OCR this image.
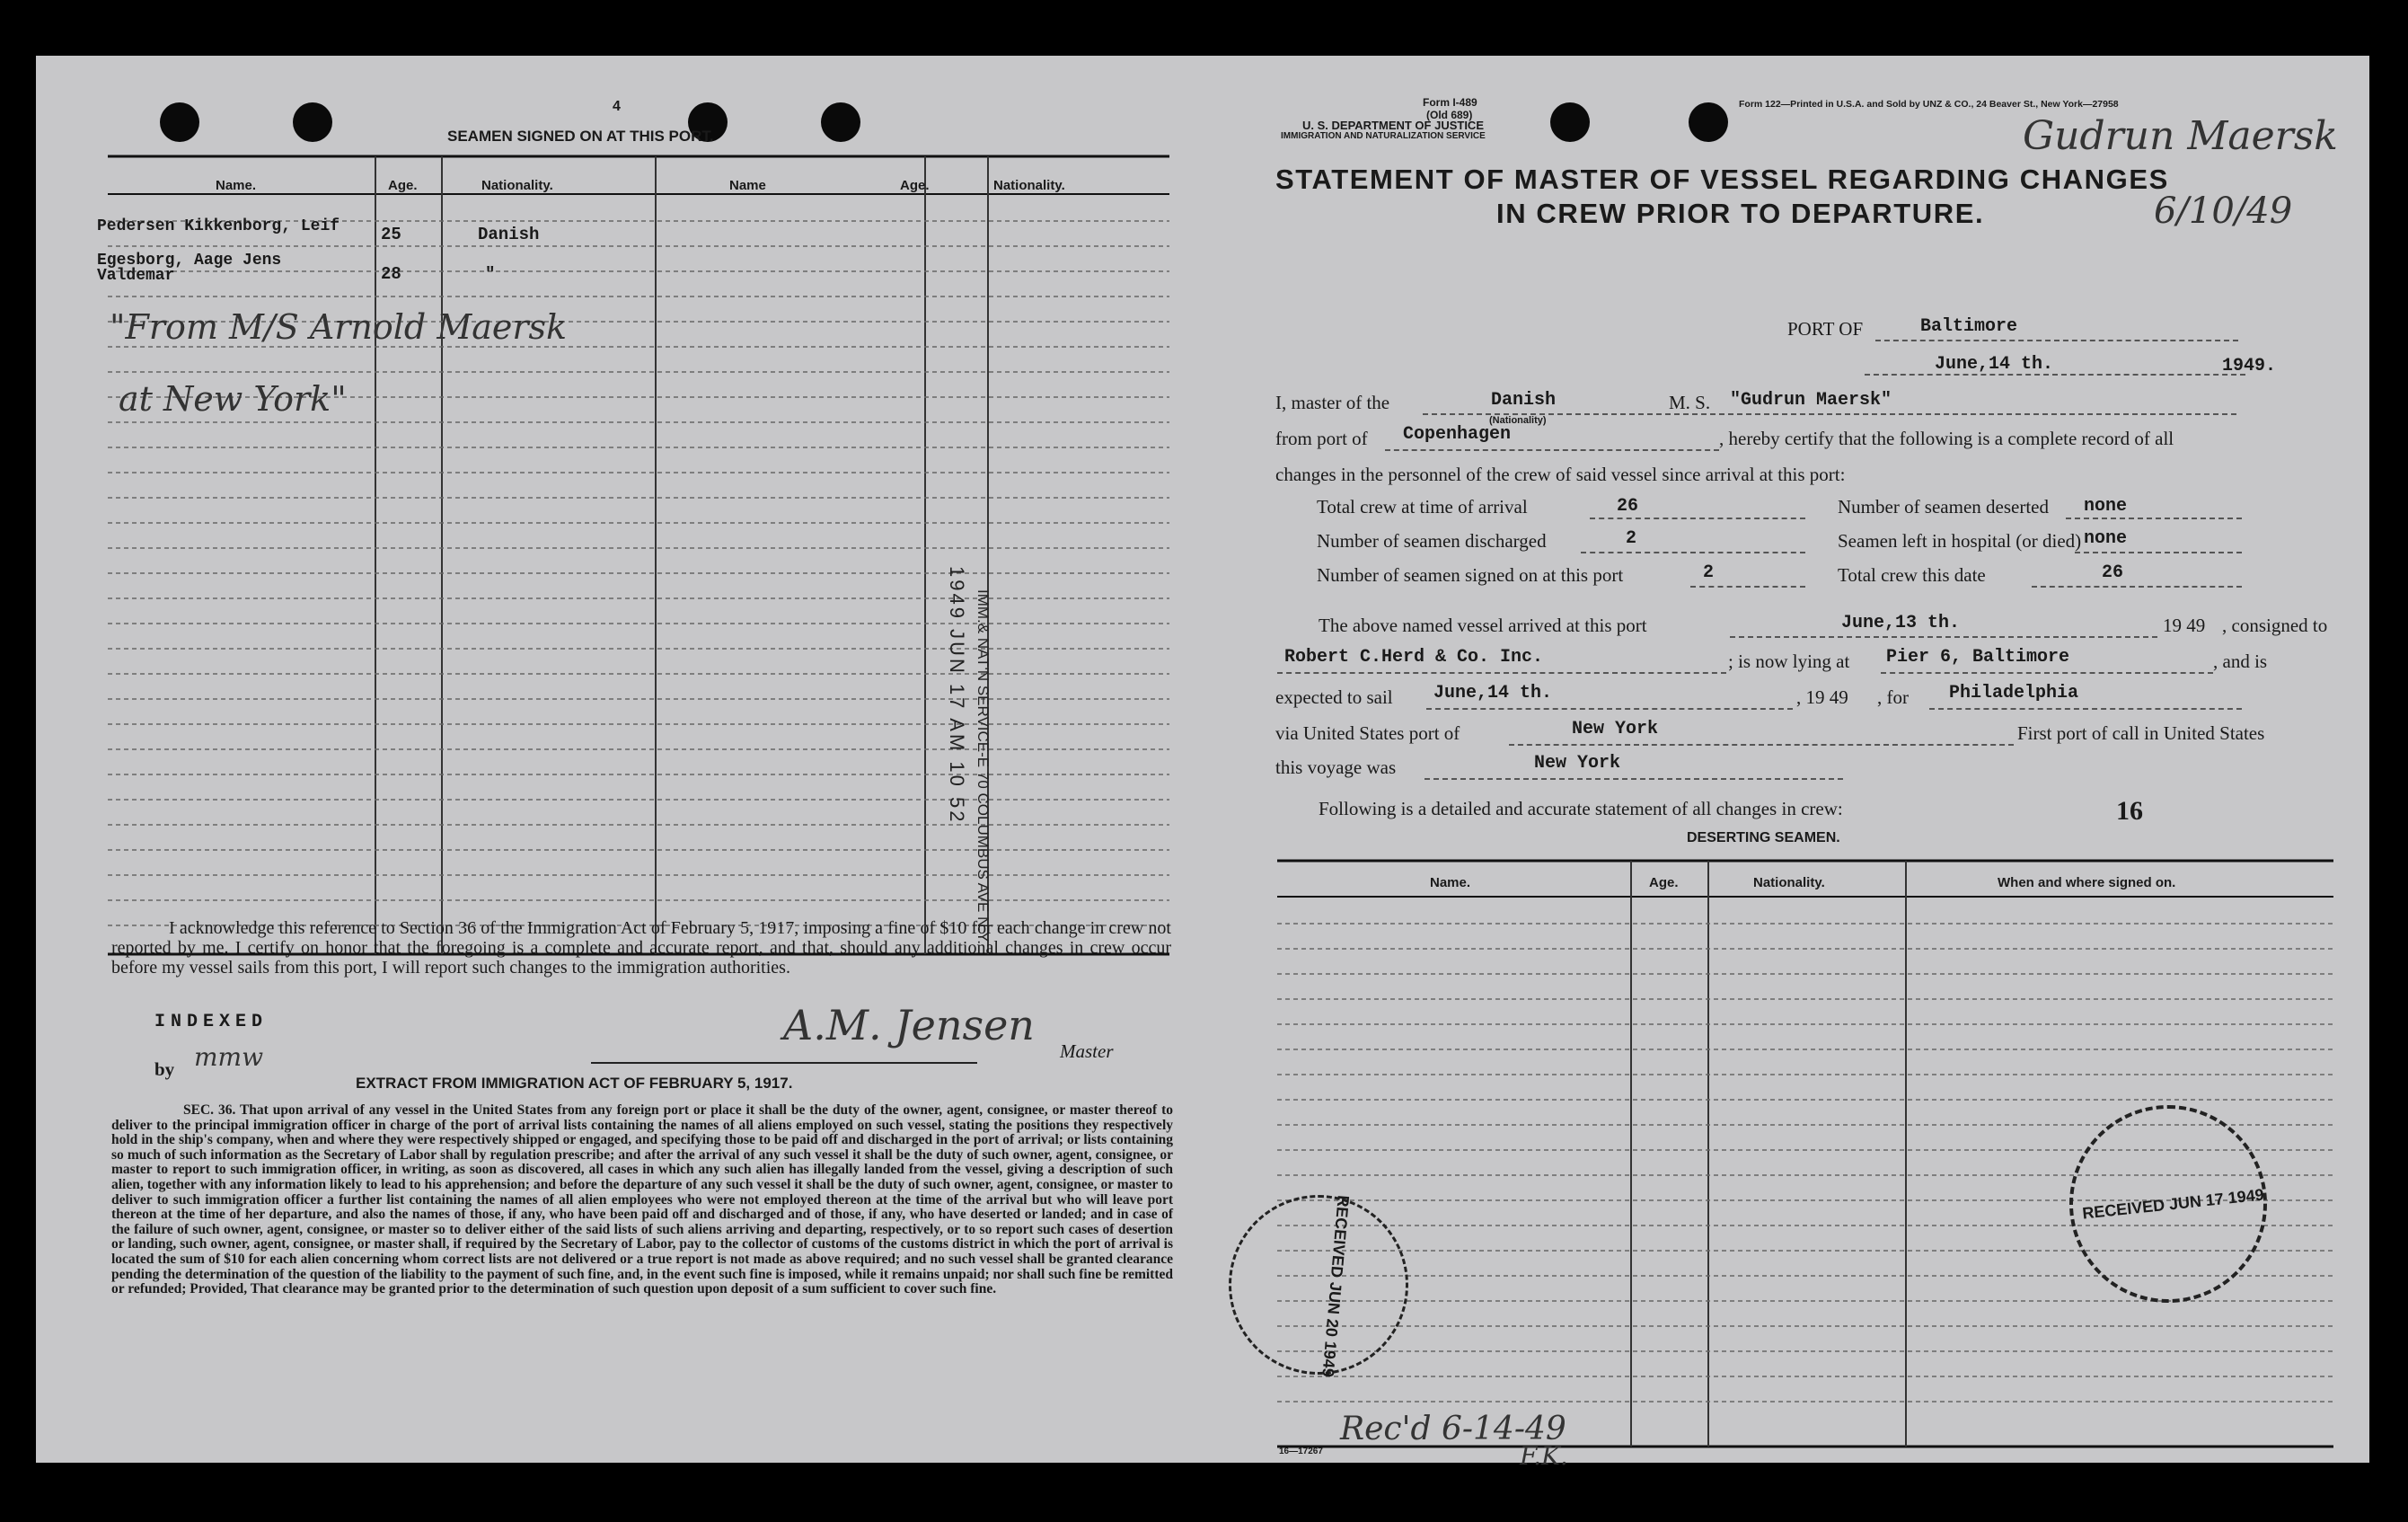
4
SEAMEN SIGNED ON AT THIS PORT.
Name.	Age.	Nationality.	Name	Age.	Nationality.
Pedersen Kikkenborg, Leif	25	Danish
Egesborg, Aage Jens Valdemar	28	"
"From M/S Arnold Maersk
at New York"
IMM.& NAT'N SERVICE-E 70 COLUMBUS AVE N.Y.
1949 JUN 17 AM 10 52
I acknowledge this reference to Section 36 of the Immigration Act of February 5, 1917, imposing a fine of $10 for each change in crew not reported by me. I certify on honor that the foregoing is a complete and accurate report, and that, should any additional changes in crew occur before my vessel sails from this port, I will report such changes to the immigration authorities.
INDEXED
by mmw
A.M. Jensen
Master
EXTRACT FROM IMMIGRATION ACT OF FEBRUARY 5, 1917.
SEC. 36. That upon arrival of any vessel in the United States from any foreign port or place it shall be the duty of the owner, agent, consignee, or master thereof to deliver to the principal immigration officer in charge of the port of arrival lists containing the names of all aliens employed on such vessel, stating the positions they respectively hold in the ship's company, when and where they were respectively shipped or engaged, and specifying those to be paid off and discharged in the port of arrival; or lists containing so much of such information as the Secretary of Labor shall by regulation prescribe; and after the arrival of any such vessel it shall be the duty of such owner, agent, consignee, or master to report to such immigration officer, in writing, as soon as discovered, all cases in which any such alien has illegally landed from the vessel, giving a description of such alien, together with any information likely to lead to his apprehension; and before the departure of any such vessel it shall be the duty of such owner, agent, consignee, or master to deliver to such immigration officer a further list containing the names of all alien employees who were not employed thereon at the time of the arrival but who will leave port thereon at the time of her departure, and also the names of those, if any, who have been paid off and discharged and of those, if any, who have deserted or landed; and in case of the failure of such owner, agent, consignee, or master so to deliver either of the said lists of such aliens arriving and departing, respectively, or to so report such cases of desertion or landing, such owner, agent, consignee, or master shall, if required by the Secretary of Labor, pay to the collector of customs of the customs district in which the port of arrival is located the sum of $10 for each alien concerning whom correct lists are not delivered or a true report is not made as above required; and no such vessel shall be granted clearance pending the determination of the question of the liability to the payment of such fine, and, in the event such fine is imposed, while it remains unpaid; nor shall such fine be remitted or refunded; Provided, That clearance may be granted prior to the determination of such question upon deposit of a sum sufficient to cover such fine.
Form I-489
(Old 689)
U. S. DEPARTMENT OF JUSTICE
IMMIGRATION AND NATURALIZATION SERVICE
Form 122—Printed in U.S.A. and Sold by UNZ & CO., 24 Beaver St., New York—27958
Gudrun Maersk
6/10/49
STATEMENT OF MASTER OF VESSEL REGARDING CHANGES
IN CREW PRIOR TO DEPARTURE.
PORT OF	Baltimore
June,14 th.	1949.
I, master of the	Danish
(Nationality)
M. S. "Gudrun Maersk"
from port of Copenhagen	, hereby certify that the following is a complete record of all
changes in the personnel of the crew of said vessel since arrival at this port:
Total crew at time of arrival	26
Number of seamen discharged	2
Number of seamen signed on at this port	2
Number of seamen deserted none
Seamen left in hospital (or died) none
Total crew this date	26
The above named vessel arrived at this port	June,13 th.	19 49 , consigned to
Robert C.Herd & Co. Inc.	; is now lying at Pier 6, Baltimore	, and is
expected to sail June,14 th.	, 19 49 , for Philadelphia
via United States port of	New York	First port of call in United States
this voyage was	New York
Following is a detailed and accurate statement of all changes in crew:	16
DESERTING SEAMEN.
Name.	Age.	Nationality.	When and where signed on.
RECEIVED JUN 20 1949	RECEIVED JUN 17 1949
16—17267
Rec'd 6-14-49
F.K.
